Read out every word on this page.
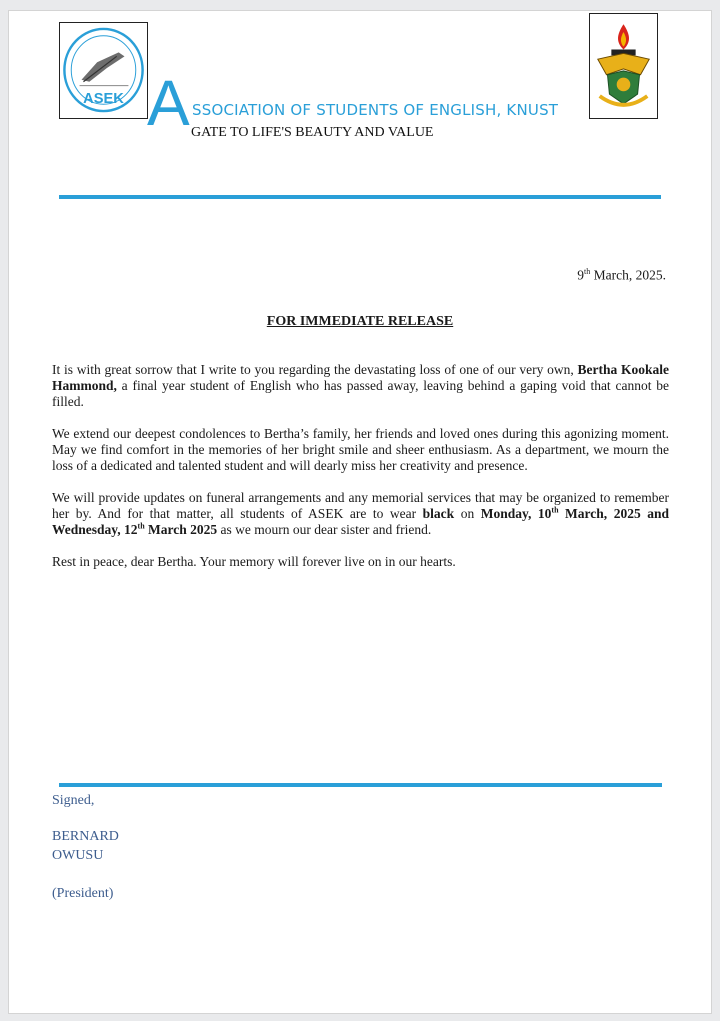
ASEK A SSOCIATION OF STUDENTS OF ENGLISH, KNUST
GATE TO LIFE'S BEAUTY AND VALUE
9th March, 2025.
FOR IMMEDIATE RELEASE

It is with great sorrow that I write to you regarding the devastating loss of one of our very own, Bertha Kookale Hammond, a final year student of English who has passed away, leaving behind a gaping void that cannot be filled.

We extend our deepest condolences to Bertha’s family, her friends and loved ones during this agonizing moment. May we find comfort in the memories of her bright smile and sheer enthusiasm. As a department, we mourn the loss of a dedicated and talented student and will dearly miss her creativity and presence.

We will provide updates on funeral arrangements and any memorial services that may be organized to remember her by. And for that matter, all students of ASEK are to wear black on Monday, 10th March, 2025 and Wednesday, 12th March 2025 as we mourn our dear sister and friend.

Rest in peace, dear Bertha. Your memory will forever live on in our hearts.

Signed,
BERNARD
OWUSU
(President)
